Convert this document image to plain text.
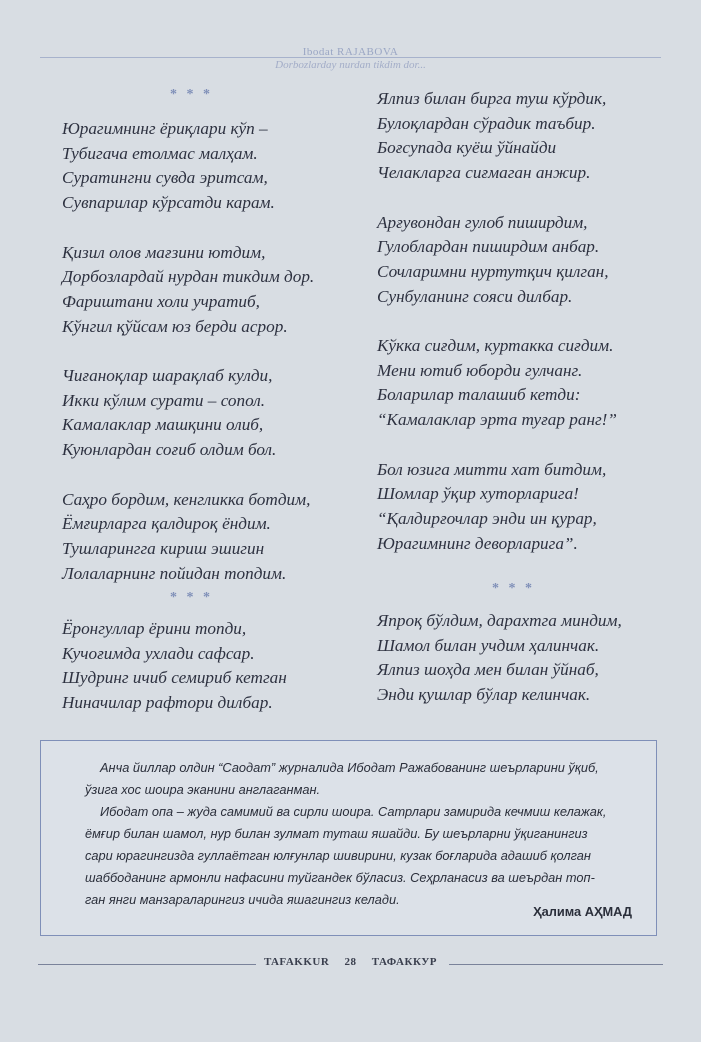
Ibodat RAJABOVA
Dorbozlarday nurdan tikdim dor...
* * *
* * *
* * *
Юрагимнинг ёриқлари кўп –
Тубигача етолмас малҳам.
Суратингни сувда эритсам,
Сувпарилар кўрсатди карам.
Қизил олов мағзини ютдим,
Дорбозлардай нурдан тикдим дор.
Фариштани холи учратиб,
Кўнгил қўйсам юз берди асрор.
Чиғаноқлар шарақлаб кулди,
Икки кўлим сурати – сопол.
Камалаклар машқини олиб,
Куюнлардан соғиб олдим бол.
Саҳро бордим, кенгликка ботдим,
Ёмғирларга қалдироқ ёндим.
Тушларингга кириш эшигин
Лолаларнинг пойидан топдим.
Ёронгуллар ёрини топди,
Кучоғимда ухлади сафсар.
Шудринг ичиб семириб кетган
Ниначилар рафтори дилбар.
Ялпиз билан бирга туш кўрдик,
Булоқлардан сўрадик таъбир.
Боғсупада куёш ўйнайди
Челакларга сиғмаган анжир.
Арғувондан гулоб пиширдим,
Гулоблардан пиширдим анбар.
Сочларимни нуртутқич қилган,
Сунбуланинг сояси дилбар.
Кўкка сиғдим, куртакка сиғдим.
Мени ютиб юборди гулчанг.
Боларилар талашиб кетди:
“Камалаклар эрта туғар ранг!”
Бол юзига митти хат битдим,
Шомлар ўқир хуторларига!
“Қалдирғочлар энди ин қурар,
Юрагимнинг деворларига”.
Япроқ бўлдим, дарахтга миндим,
Шамол билан учдим ҳалинчак.
Ялпиз шоҳда мен билан ўйнаб,
Энди қушлар бўлар келинчак.
Анча йиллар олдин “Саодат” журналида Ибодат Ражабованинг шеърларини ўқиб,
ўзига хос шоира эканини англаганман.
Ибодат опа – жуда самимий ва сирли шоира. Сатрлари замирида кечмиш келажак,
ёмғир билан шамол, нур билан зулмат туташ яшайди. Бу шеърларни ўқиганингиз
сари юрагингизда гуллаётган юлғунлар шивирини, кузак боғларида адашиб қолган
шаббоданинг армонли нафасини туйгандек бўласиз. Сеҳрланасиз ва шеърдан топ-
ган янги манзараларингиз ичида яшагингиз келади.
Ҳалима АҲМАД
TAFAKKUR 28 ТАФАККУР
